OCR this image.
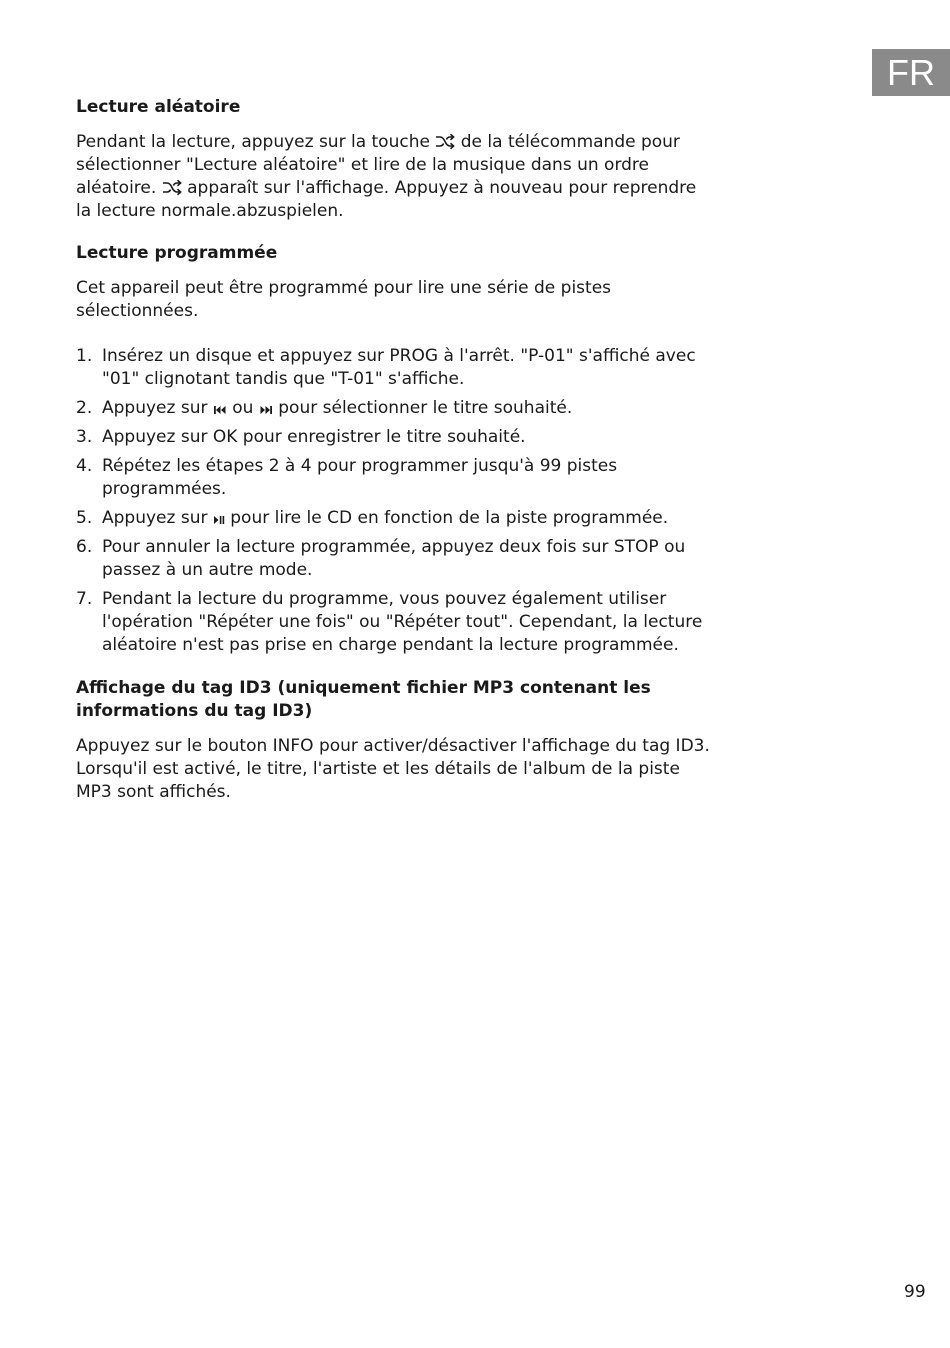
FR
Lecture aléatoire

Pendant la lecture, appuyez sur la touche de la télécommande pour sélectionner "Lecture aléatoire" et lire de la musique dans un ordre aléatoire. apparaît sur l'affichage. Appuyez à nouveau pour reprendre la lecture normale.abzuspielen.

Lecture programmée

Cet appareil peut être programmé pour lire une série de pistes sélectionnées.

1. Insérez un disque et appuyez sur PROG à l'arrêt. "P-01" s'affiché avec "01" clignotant tandis que "T-01" s'affiche.
2. Appuyez sur ou pour sélectionner le titre souhaité.
3. Appuyez sur OK pour enregistrer le titre souhaité.
4. Répétez les étapes 2 à 4 pour programmer jusqu'à 99 pistes programmées.
5. Appuyez sur pour lire le CD en fonction de la piste programmée.
6. Pour annuler la lecture programmée, appuyez deux fois sur STOP ou passez à un autre mode.
7. Pendant la lecture du programme, vous pouvez également utiliser l'opération "Répéter une fois" ou "Répéter tout". Cependant, la lecture aléatoire n'est pas prise en charge pendant la lecture programmée.
Affichage du tag ID3 (uniquement fichier MP3 contenant les informations du tag ID3)

Appuyez sur le bouton INFO pour activer/désactiver l'affichage du tag ID3. Lorsqu'il est activé, le titre, l'artiste et les détails de l'album de la piste MP3 sont affichés.

99
